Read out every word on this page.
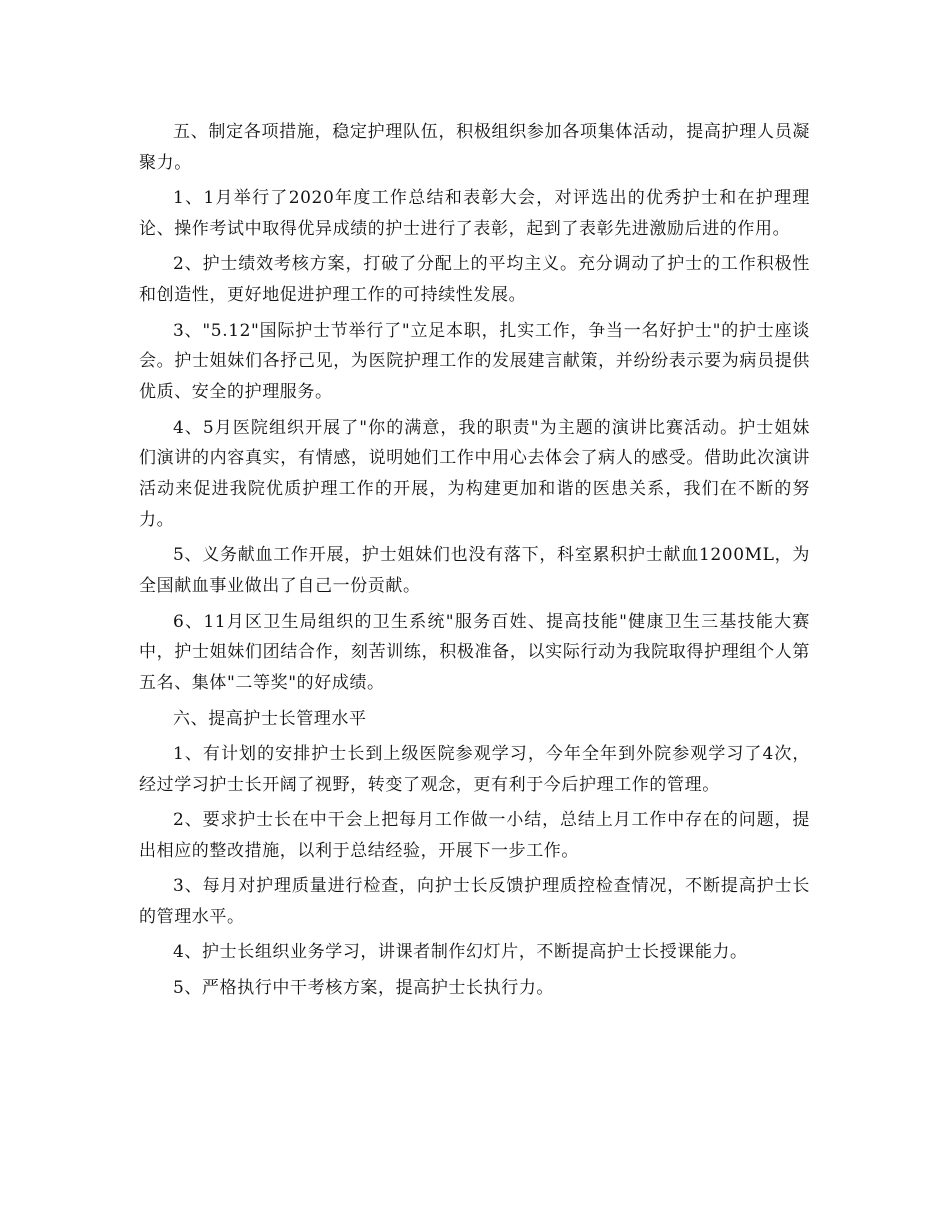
五、制定各项措施，稳定护理队伍，积极组织参加各项集体活动，提高护理人员凝聚力。

1、1月举行了2020年度工作总结和表彰大会，对评选出的优秀护士和在护理理论、操作考试中取得优异成绩的护士进行了表彰，起到了表彰先进激励后进的作用。

2、护士绩效考核方案，打破了分配上的平均主义。充分调动了护士的工作积极性和创造性，更好地促进护理工作的可持续性发展。

3、"5.12"国际护士节举行了"立足本职，扎实工作，争当一名好护士"的护士座谈会。护士姐妹们各抒己见，为医院护理工作的发展建言献策，并纷纷表示要为病员提供优质、安全的护理服务。

4、5月医院组织开展了"你的满意，我的职责"为主题的演讲比赛活动。护士姐妹们演讲的内容真实，有情感，说明她们工作中用心去体会了病人的感受。借助此次演讲活动来促进我院优质护理工作的开展，为构建更加和谐的医患关系，我们在不断的努力。

5、义务献血工作开展，护士姐妹们也没有落下，科室累积护士献血1200ML，为全国献血事业做出了自己一份贡献。

6、11月区卫生局组织的卫生系统"服务百姓、提高技能"健康卫生三基技能大赛中，护士姐妹们团结合作，刻苦训练，积极准备，以实际行动为我院取得护理组个人第五名、集体"二等奖"的好成绩。

六、提高护士长管理水平

1、有计划的安排护士长到上级医院参观学习，今年全年到外院参观学习了4次，经过学习护士长开阔了视野，转变了观念，更有利于今后护理工作的管理。

2、要求护士长在中干会上把每月工作做一小结，总结上月工作中存在的问题，提出相应的整改措施，以利于总结经验，开展下一步工作。

3、每月对护理质量进行检查，向护士长反馈护理质控检查情况，不断提高护士长的管理水平。

4、护士长组织业务学习，讲课者制作幻灯片，不断提高护士长授课能力。

5、严格执行中干考核方案，提高护士长执行力。
